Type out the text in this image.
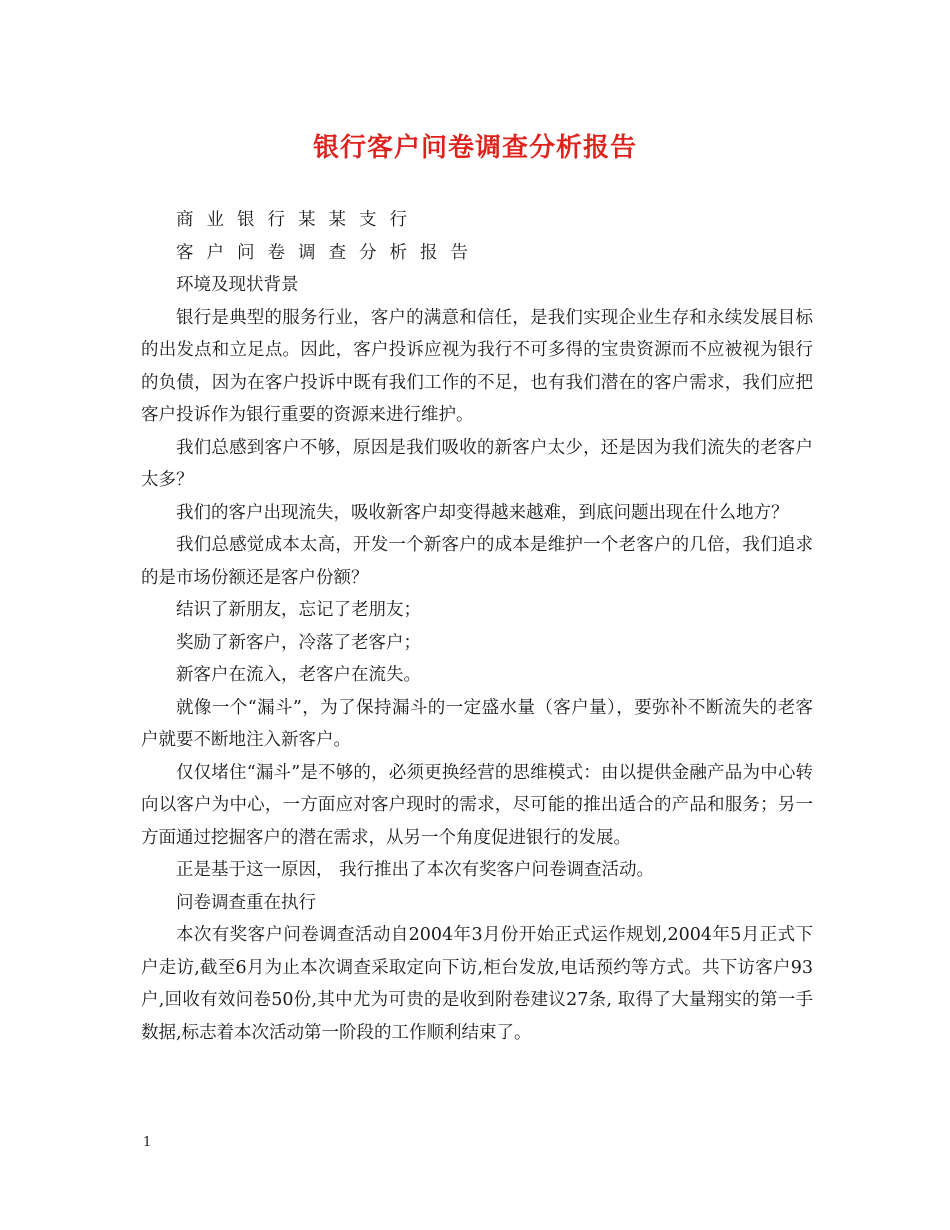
银行客户问卷调查分析报告

商业银行某某支行

客户问卷调查分析报告

环境及现状背景

银行是典型的服务行业，客户的满意和信任，是我们实现企业生存和永续发展目标的出发点和立足点。因此，客户投诉应视为我行不可多得的宝贵资源而不应被视为银行的负债，因为在客户投诉中既有我们工作的不足，也有我们潜在的客户需求，我们应把客户投诉作为银行重要的资源来进行维护。

我们总感到客户不够，原因是我们吸收的新客户太少，还是因为我们流失的老客户太多？

我们的客户出现流失，吸收新客户却变得越来越难，到底问题出现在什么地方？

我们总感觉成本太高，开发一个新客户的成本是维护一个老客户的几倍，我们追求的是市场份额还是客户份额？

结识了新朋友，忘记了老朋友；

奖励了新客户，冷落了老客户；

新客户在流入，老客户在流失。

就像一个“漏斗”，为了保持漏斗的一定盛水量（客户量），要弥补不断流失的老客户就要不断地注入新客户。

仅仅堵住“漏斗”是不够的，必须更换经营的思维模式：由以提供金融产品为中心转向以客户为中心，一方面应对客户现时的需求，尽可能的推出适合的产品和服务；另一方面通过挖掘客户的潜在需求，从另一个角度促进银行的发展。

正是基于这一原因， 我行推出了本次有奖客户问卷调查活动。

问卷调查重在执行

本次有奖客户问卷调查活动自2004年3月份开始正式运作规划,2004年5月正式下户走访,截至6月为止本次调查采取定向下访,柜台发放,电话预约等方式。共下访客户93户,回收有效问卷50份,其中尤为可贵的是收到附卷建议27条, 取得了大量翔实的第一手数据,标志着本次活动第一阶段的工作顺利结束了。

1
